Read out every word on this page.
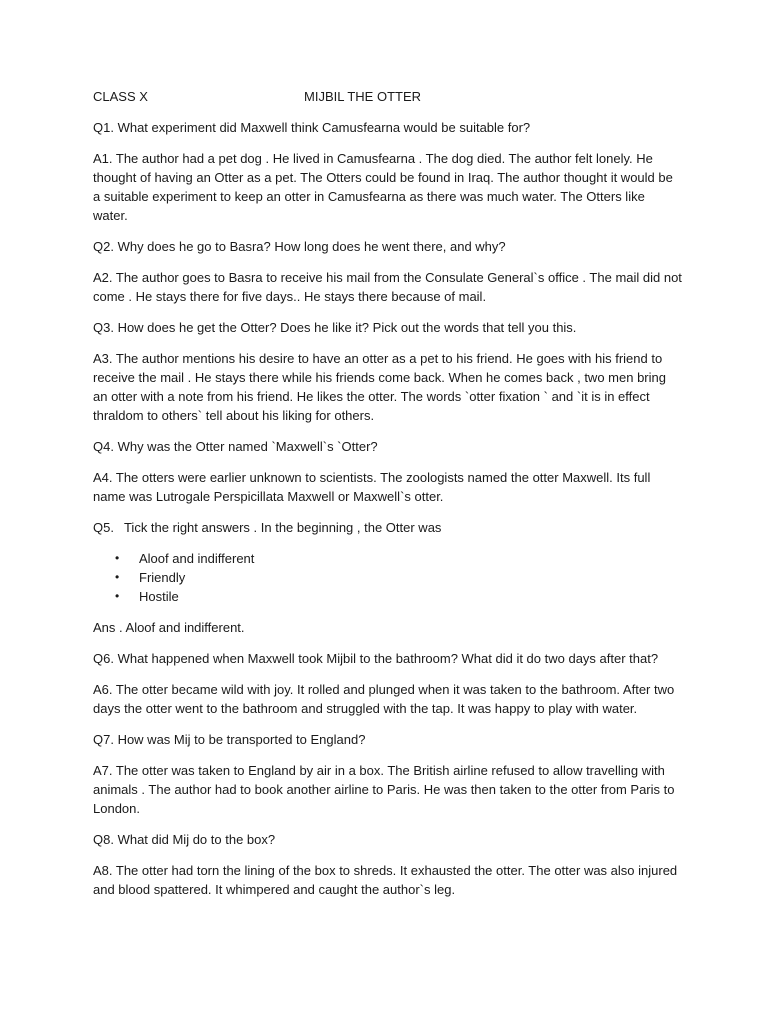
CLASS X	MIJBIL THE OTTER

Q1. What experiment did Maxwell think Camusfearna would be suitable for?

A1. The author had a pet dog . He lived in Camusfearna . The dog died. The author felt lonely. He thought of having an Otter as a pet. The Otters could be found in Iraq. The author thought it would be a suitable experiment to keep an otter in Camusfearna as there was much water. The Otters like water.

Q2. Why does he go to Basra? How long does he went there, and why?

A2. The author goes to Basra to receive his mail from the Consulate General`s office . The mail did not come . He stays there for five days.. He stays there because of mail.

Q3. How does he get the Otter? Does he like it? Pick out the words that tell you this.

A3. The author mentions his desire to have an otter as a pet to his friend. He goes with his friend to receive the mail . He stays there while his friends come back. When he comes back , two men bring an otter with a note from his friend. He likes the otter. The words `otter fixation ` and `it is in effect thraldom to others` tell about his liking for others.

Q4. Why was the Otter named `Maxwell`s `Otter?

A4. The otters were earlier unknown to scientists. The zoologists named the otter Maxwell. Its full name was Lutrogale Perspicillata Maxwell or Maxwell`s otter.

Q5. Tick the right answers . In the beginning , the Otter was

• Aloof and indifferent
• Friendly
• Hostile

Ans . Aloof and indifferent.

Q6. What happened when Maxwell took Mijbil to the bathroom? What did it do two days after that?

A6. The otter became wild with joy. It rolled and plunged when it was taken to the bathroom. After two days the otter went to the bathroom and struggled with the tap. It was happy to play with water.

Q7. How was Mij to be transported to England?

A7. The otter was taken to England by air in a box. The British airline refused to allow travelling with animals . The author had to book another airline to Paris. He was then taken to the otter from Paris to London.

Q8. What did Mij do to the box?

A8. The otter had torn the lining of the box to shreds. It exhausted the otter. The otter was also injured and blood spattered. It whimpered and caught the author`s leg.
